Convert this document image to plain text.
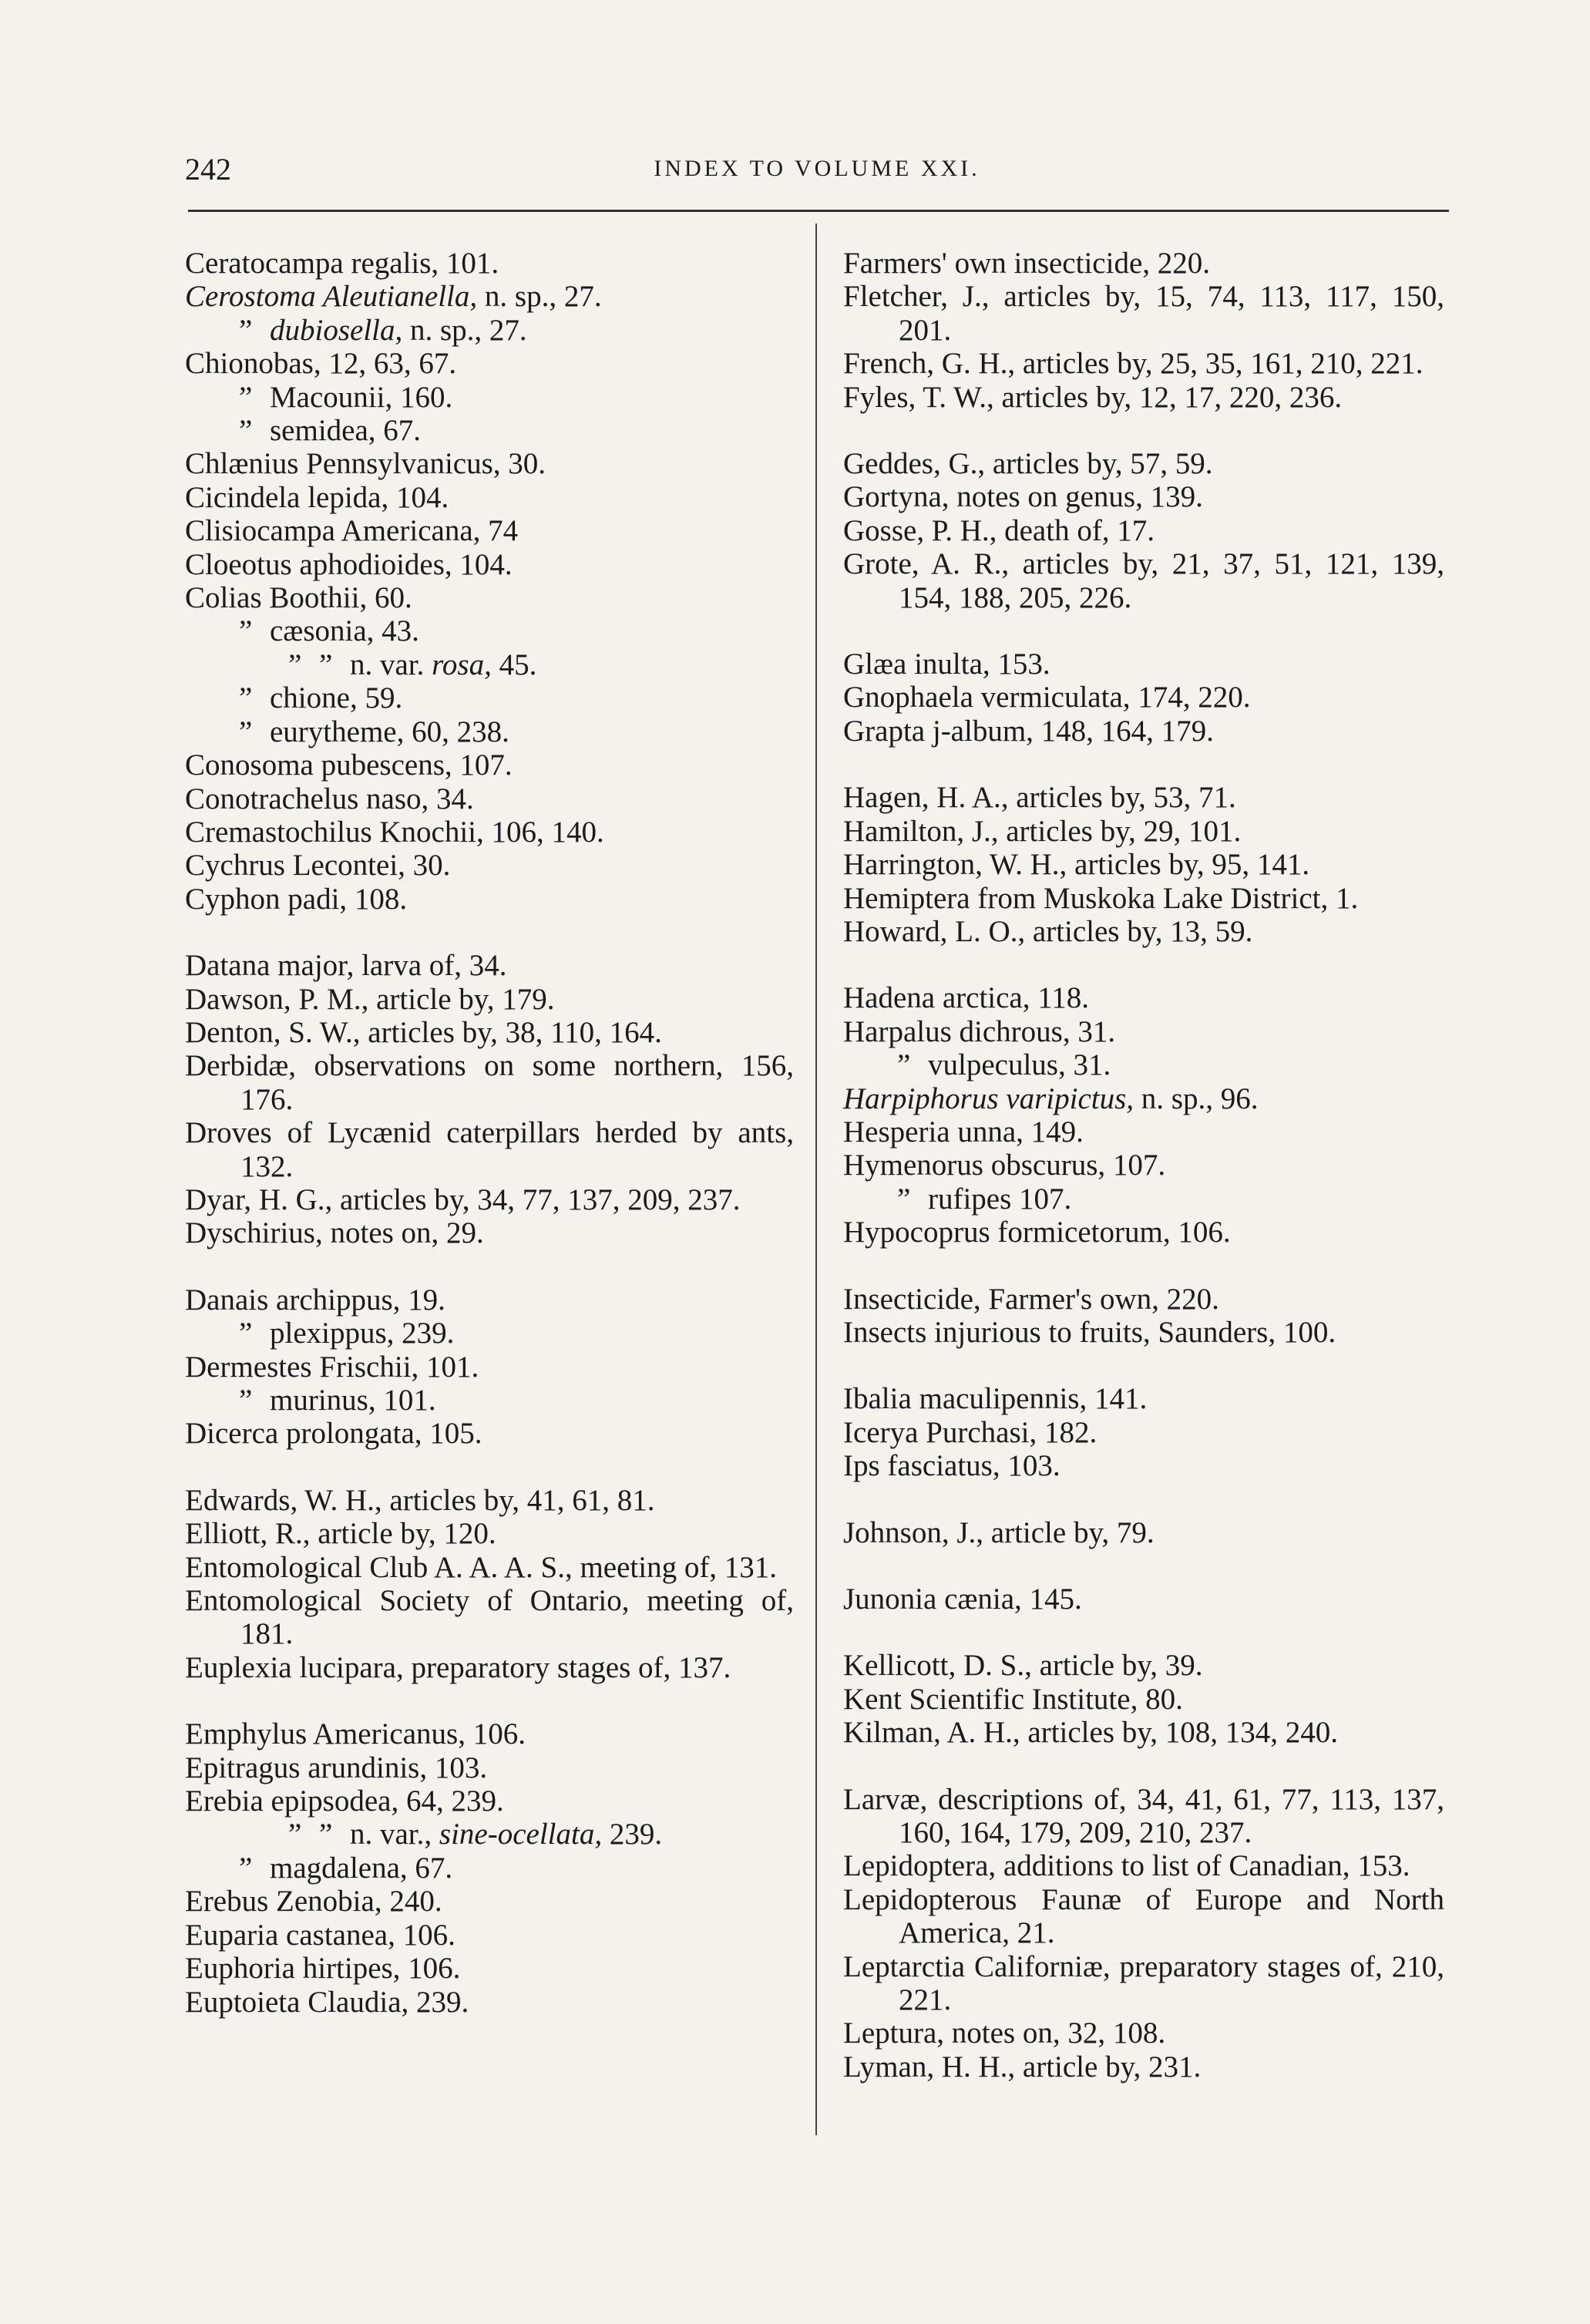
242	INDEX TO VOLUME XXI.
Ceratocampa regalis, 101.
Cerostoma Aleutianella, n. sp., 27.
” dubiosella, n. sp., 27.
Chionobas, 12, 63, 67.
” Macounii, 160.
” semidea, 67.
Chlænius Pennsylvanicus, 30.
Cicindela lepida, 104.
Clisiocampa Americana, 74
Cloeotus aphodioides, 104.
Colias Boothii, 60.
” cæsonia, 43.
” ” n. var. rosa, 45.
” chione, 59.
” eurytheme, 60, 238.
Conosoma pubescens, 107.
Conotrachelus naso, 34.
Cremastochilus Knochii, 106, 140.
Cychrus Lecontei, 30.
Cyphon padi, 108.
Datana major, larva of, 34.
Dawson, P. M., article by, 179.
Denton, S. W., articles by, 38, 110, 164.
Derbidæ, observations on some northern, 156, 176.
Droves of Lycænid caterpillars herded by ants, 132.
Dyar, H. G., articles by, 34, 77, 137, 209, 237.
Dyschirius, notes on, 29.
Danais archippus, 19.
” plexippus, 239.
Dermestes Frischii, 101.
” murinus, 101.
Dicerca prolongata, 105.
Edwards, W. H., articles by, 41, 61, 81.
Elliott, R., article by, 120.
Entomological Club A. A. A. S., meeting of, 131.
Entomological Society of Ontario, meeting of, 181.
Euplexia lucipara, preparatory stages of, 137.
Emphylus Americanus, 106.
Epitragus arundinis, 103.
Erebia epipsodea, 64, 239.
” ” n. var., sine-ocellata, 239.
” magdalena, 67.
Erebus Zenobia, 240.
Euparia castanea, 106.
Euphoria hirtipes, 106.
Euptoieta Claudia, 239.
Farmers' own insecticide, 220.
Fletcher, J., articles by, 15, 74, 113, 117, 150, 201.
French, G. H., articles by, 25, 35, 161, 210, 221.
Fyles, T. W., articles by, 12, 17, 220, 236.
Geddes, G., articles by, 57, 59.
Gortyna, notes on genus, 139.
Gosse, P. H., death of, 17.
Grote, A. R., articles by, 21, 37, 51, 121, 139, 154, 188, 205, 226.
Glæa inulta, 153.
Gnophaela vermiculata, 174, 220.
Grapta j-album, 148, 164, 179.
Hagen, H. A., articles by, 53, 71.
Hamilton, J., articles by, 29, 101.
Harrington, W. H., articles by, 95, 141.
Hemiptera from Muskoka Lake District, 1.
Howard, L. O., articles by, 13, 59.
Hadena arctica, 118.
Harpalus dichrous, 31.
” vulpeculus, 31.
Harpiphorus varipictus, n. sp., 96.
Hesperia unna, 149.
Hymenorus obscurus, 107.
” rufipes 107.
Hypocoprus formicetorum, 106.
Insecticide, Farmer's own, 220.
Insects injurious to fruits, Saunders, 100.
Ibalia maculipennis, 141.
Icerya Purchasi, 182.
Ips fasciatus, 103.
Johnson, J., article by, 79.
Junonia cænia, 145.
Kellicott, D. S., article by, 39.
Kent Scientific Institute, 80.
Kilman, A. H., articles by, 108, 134, 240.
Larvæ, descriptions of, 34, 41, 61, 77, 113, 137, 160, 164, 179, 209, 210, 237.
Lepidoptera, additions to list of Canadian, 153.
Lepidopterous Faunæ of Europe and North America, 21.
Leptarctia Californiæ, preparatory stages of, 210, 221.
Leptura, notes on, 32, 108.
Lyman, H. H., article by, 231.
